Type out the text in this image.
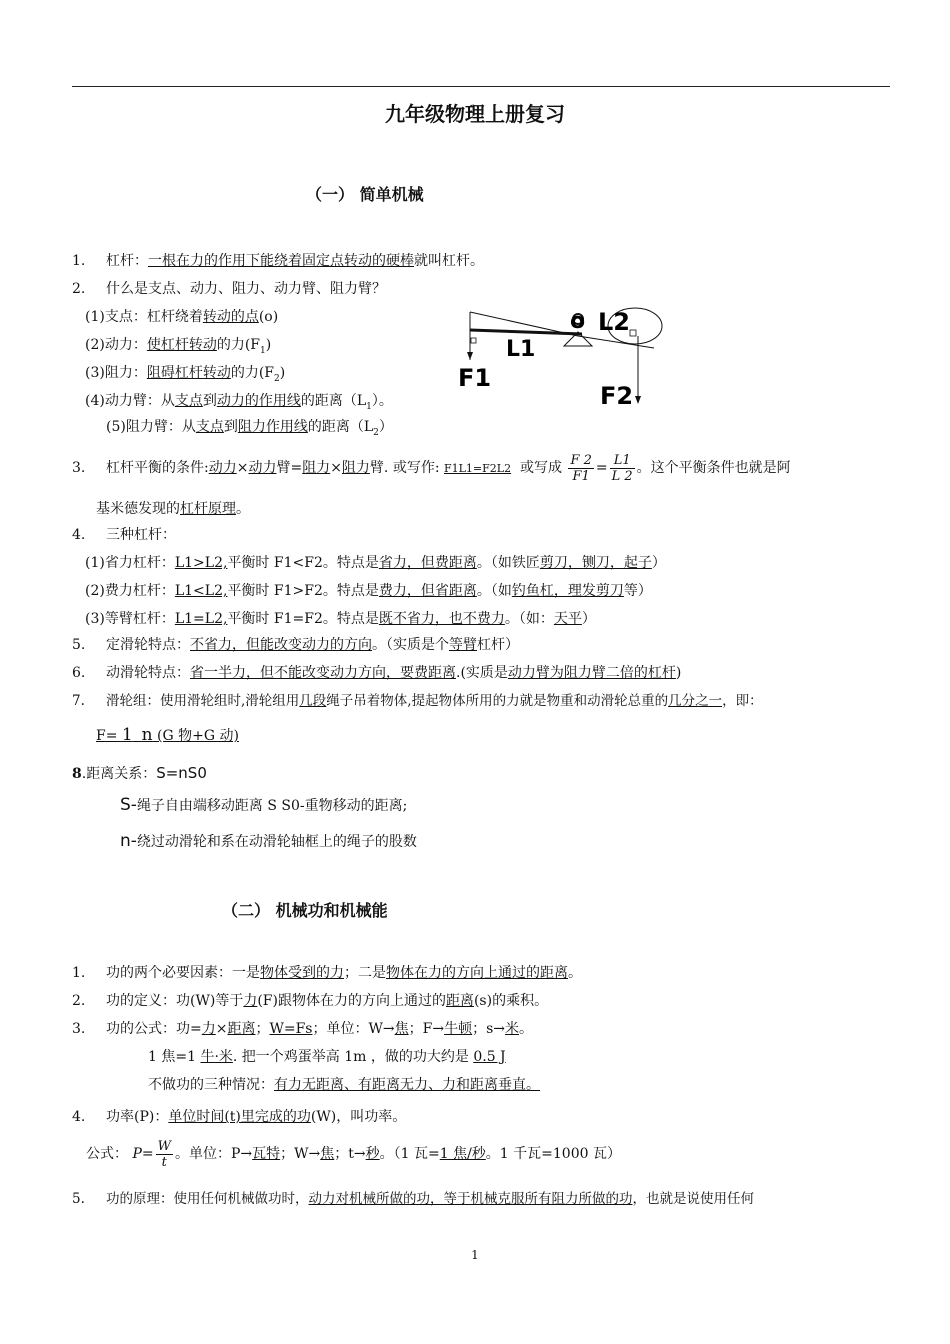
九年级物理上册复习
（一） 简单机械
o L2
L1
F1
F2
1. 杠杆：一根在力的作用下能绕着固定点转动的硬棒就叫杠杆。
2. 什么是支点、动力、阻力、动力臂、阻力臂？
(1)支点：杠杆绕着转动的点(o)
(2)动力：使杠杆转动的力$(F_1)$
(3)阻力：阻碍杠杆转动的力$(F_2)$
(4)动力臂：从支点到动力的作用线的距离$(L_1)$。
(5)阻力臂：从支点到阻力作用线的距离$(L_2)$
3. 杠杆平衡的条件:动力×动力臂=阻力×阻力臂. 或写作: F1L1=F2L2 或写成 $\frac{F 2}{F1} = \frac{L1}{L 2}$ 。这个平衡条件也就是阿
基米德发现的杠杆原理。
4. 三种杠杆：
(1)省力杠杆：L1>L2,平衡时 F1<F2。特点是省力，但费距离。（如铁匠剪刀，铡刀，起子）
(2)费力杠杆：L1<L2,平衡时 F1>F2。特点是费力，但省距离。（如钓鱼杠，理发剪刀等）
(3)等臂杠杆：L1=L2,平衡时 F1=F2。特点是既不省力，也不费力。（如：天平）
5. 定滑轮特点：不省力，但能改变动力的方向。（实质是个等臂杠杆）
6. 动滑轮特点：省一半力，但不能改变动力方向，要费距离.(实质是动力臂为阻力臂二倍的杠杆)
7. 滑轮组：使用滑轮组时,滑轮组用几段绳子吊着物体,提起物体所用的力就是物重和动滑轮总重的几分之一，即：
F= 1 n (G 物+G 动)
8.距离关系：S=nS0
S-绳子自由端移动距离 S S0-重物移动的距离;
n-绕过动滑轮和系在动滑轮轴框上的绳子的股数
（二） 机械功和机械能
1. 功的两个必要因素：一是物体受到的力；二是物体在力的方向上通过的距离。
2. 功的定义：功(W)等于力(F)跟物体在力的方向上通过的距离(s)的乘积。
3. 功的公式：功=力×距离；W=Fs；单位：W→焦；F→牛顿；s→米。
1 焦=1 牛·米. 把一个鸡蛋举高 1m ，做的功大约是 0.5 J
不做功的三种情况：有力无距离、有距离无力、力和距离垂直。
4. 功率(P)：单位时间(t)里完成的功(W)，叫功率。
公式： $P= \frac{W}{t}$ 。单位：P→瓦特；W→焦；t→秒。（1 瓦=1 焦/秒。1 千瓦=1000 瓦）
5. 功的原理：使用任何机械做功时，动力对机械所做的功，等于机械克服所有阻力所做的功，也就是说使用任何
1
